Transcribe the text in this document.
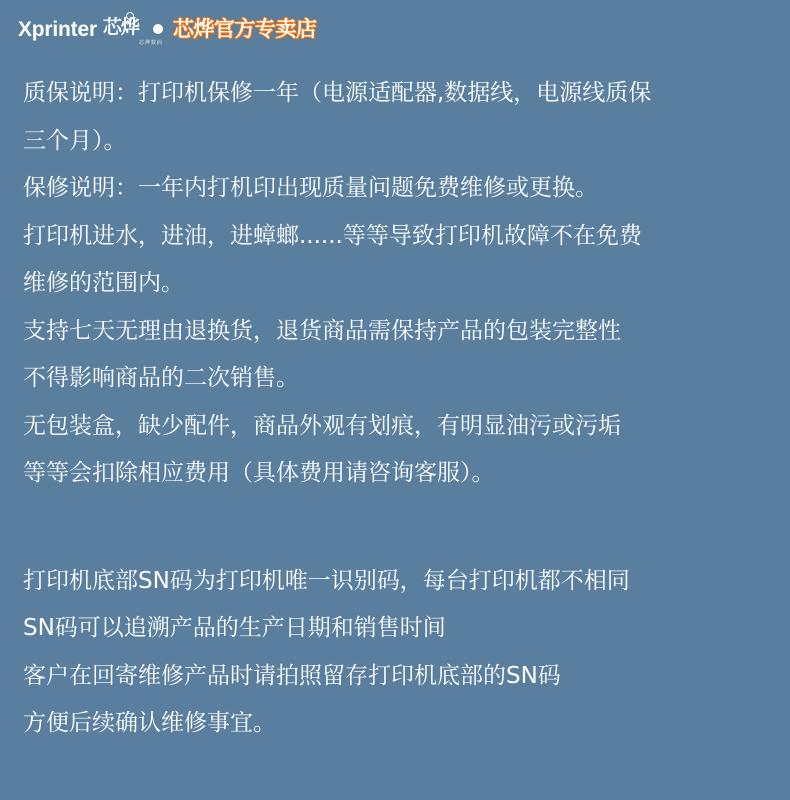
Xprinter 芯烨
芯烨数码
芯烨官方专卖店
质保说明：打印机保修一年（电源适配器,数据线，电源线质保
三个月）。
保修说明：一年内打机印出现质量问题免费维修或更换。
打印机进水，进油，进蟑螂......等等导致打印机故障不在免费
维修的范围内。
支持七天无理由退换货，退货商品需保持产品的包装完整性
不得影响商品的二次销售。
无包装盒，缺少配件，商品外观有划痕，有明显油污或污垢
等等会扣除相应费用（具体费用请咨询客服）。
打印机底部SN码为打印机唯一识别码，每台打印机都不相同
SN码可以追溯产品的生产日期和销售时间
客户在回寄维修产品时请拍照留存打印机底部的SN码
方便后续确认维修事宜。
